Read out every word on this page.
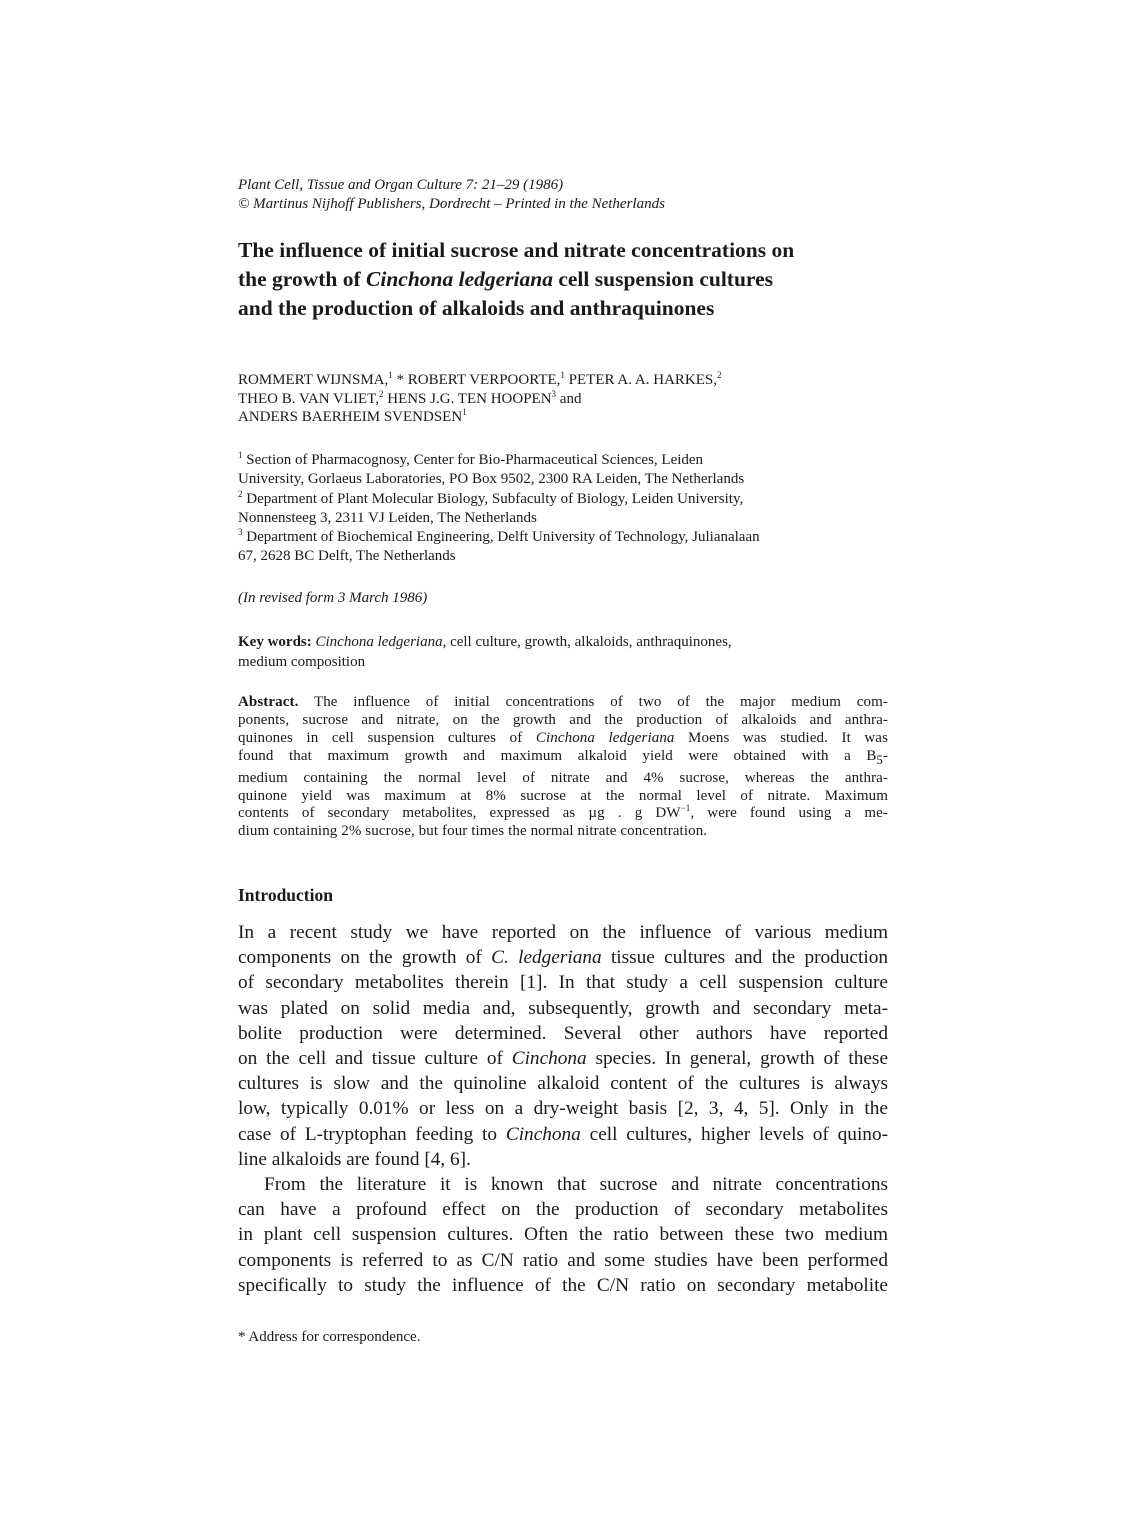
Plant Cell, Tissue and Organ Culture 7: 21–29 (1986)
© Martinus Nijhoff Publishers, Dordrecht – Printed in the Netherlands
The influence of initial sucrose and nitrate concentrations on
the growth of Cinchona ledgeriana cell suspension cultures
and the production of alkaloids and anthraquinones
ROMMERT WIJNSMA,$^1$ * ROBERT VERPOORTE,$^1$ PETER A. A. HARKES,$^2$
THEO B. VAN VLIET,$^2$ HENS J.G. TEN HOOPEN$^3$ and
ANDERS BAERHEIM SVENDSEN$^1$
$^1$ Section of Pharmacognosy, Center for Bio-Pharmaceutical Sciences, Leiden
University, Gorlaeus Laboratories, PO Box 9502, 2300 RA Leiden, The Netherlands
$^2$ Department of Plant Molecular Biology, Subfaculty of Biology, Leiden University,
Nonnensteeg 3, 2311 VJ Leiden, The Netherlands
$^3$ Department of Biochemical Engineering, Delft University of Technology, Julianalaan
67, 2628 BC Delft, The Netherlands
(In revised form 3 March 1986)
Key words: Cinchona ledgeriana, cell culture, growth, alkaloids, anthraquinones,
medium composition
Abstract. The influence of initial concentrations of two of the major medium com-
ponents, sucrose and nitrate, on the growth and the production of alkaloids and anthra-
quinones in cell suspension cultures of Cinchona ledgeriana Moens was studied. It was
found that maximum growth and maximum alkaloid yield were obtained with a $B_5-$
medium containing the normal level of nitrate and 4% sucrose, whereas the anthra-
quinone yield was maximum at 8% sucrose at the normal level of nitrate. Maximum
contents of secondary metabolites, expressed as µg . g $DW^{-1}$, were found using a me-
dium containing 2% sucrose, but four times the normal nitrate concentration.
Introduction
In a recent study we have reported on the influence of various medium
components on the growth of C. ledgeriana tissue cultures and the production
of secondary metabolites therein [1]. In that study a cell suspension culture
was plated on solid media and, subsequently, growth and secondary meta-
bolite production were determined. Several other authors have reported
on the cell and tissue culture of Cinchona species. In general, growth of these
cultures is slow and the quinoline alkaloid content of the cultures is always
low, typically 0.01% or less on a dry-weight basis [2, 3, 4, 5]. Only in the
case of L-tryptophan feeding to Cinchona cell cultures, higher levels of quino-
line alkaloids are found [4, 6].
From the literature it is known that sucrose and nitrate concentrations
can have a profound effect on the production of secondary metabolites
in plant cell suspension cultures. Often the ratio between these two medium
components is referred to as C/N ratio and some studies have been performed
specifically to study the influence of the C/N ratio on secondary metabolite
* Address for correspondence.
